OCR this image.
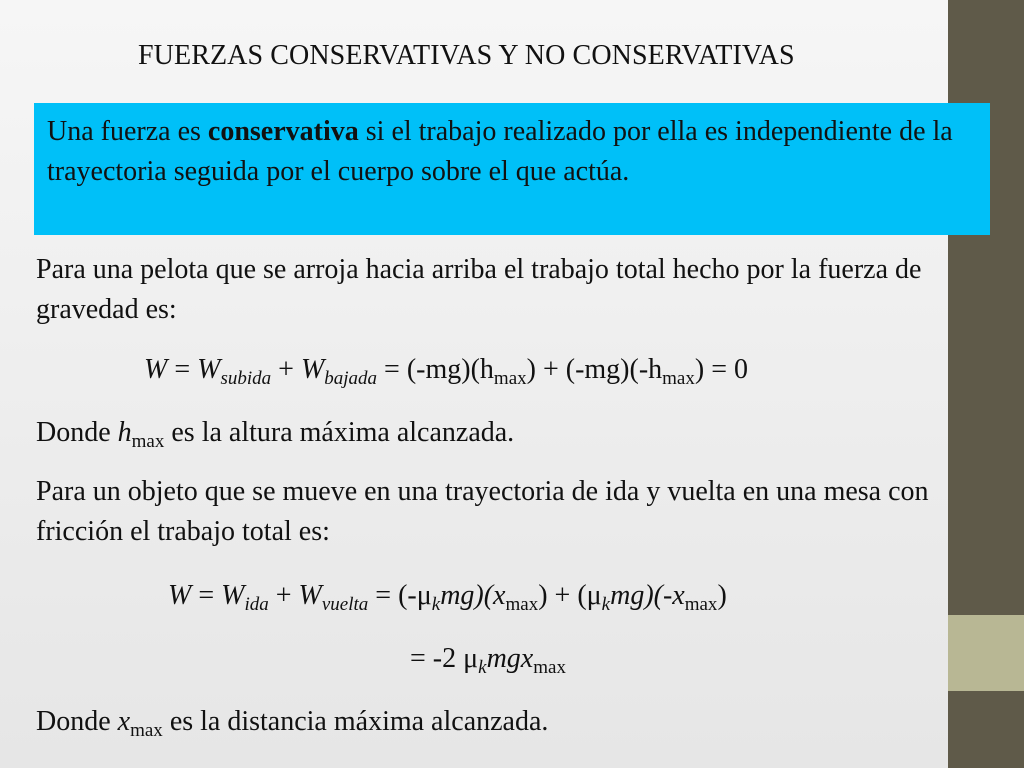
FUERZAS CONSERVATIVAS Y NO CONSERVATIVAS
Una fuerza es conservativa si el trabajo realizado por ella es independiente de la trayectoria seguida por el cuerpo sobre el que actúa.
Para una pelota que se arroja hacia arriba el trabajo total hecho por la fuerza de gravedad es:
$W = W_{subida} + W_{bajada} = (-mg)(h_{max}) + (-mg)(-h_{max}) = 0$
Donde $h_{max}$ es la altura máxima alcanzada.
Para un objeto que se mueve en una trayectoria de ida y vuelta en una mesa con fricción el trabajo total es:
$W = W_{ida} + W_{vuelta} = (-\mu_kmg)(x_{max}) + (\mu_kmg)(-x_{max})$
= -2 $\mu_kmgx_{max}$
Donde $x_{max}$ es la distancia máxima alcanzada.
